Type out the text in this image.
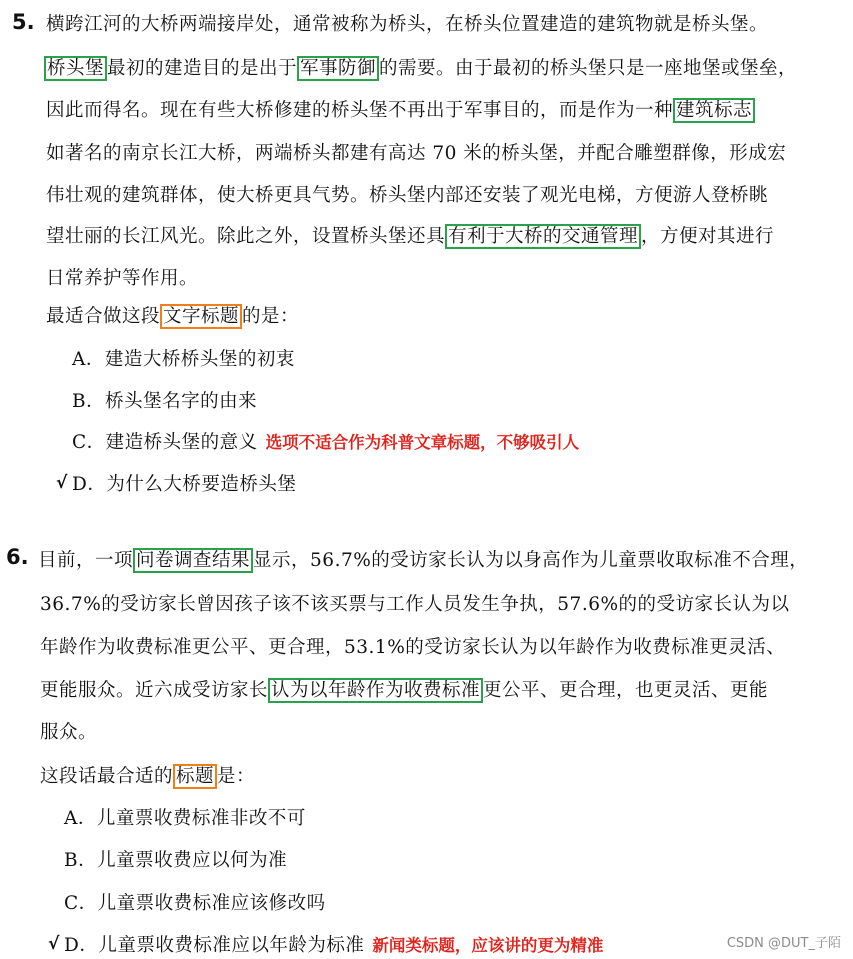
5. 横跨江河的大桥两端接岸处，通常被称为桥头，在桥头位置建造的建筑物就是桥头堡。
桥头堡 最初的建造目的是出于 军事防御 的需要。由于最初的桥头堡只是一座地堡或堡垒，
因此而得名。现在有些大桥修建的桥头堡不再出于军事目的，而是作为一种 建筑标志
如著名的南京长江大桥，两端桥头都建有高达 70 米的桥头堡，并配合雕塑群像，形成宏
伟壮观的建筑群体，使大桥更具气势。桥头堡内部还安装了观光电梯，方便游人登桥眺
望壮丽的长江风光。除此之外，设置桥头堡还具 有利于大桥的交通管理 ，方便对其进行
日常养护等作用。
最适合做这段 文字标题 的是：
A．建造大桥桥头堡的初衷
B．桥头堡名字的由来
C．建造桥头堡的意义 选项不适合作为科普文章标题，不够吸引人
√ D．为什么大桥要造桥头堡
6. 目前，一项 问卷调查结果 显示，56.7%的受访家长认为以身高作为儿童票收取标准不合理，
36.7%的受访家长曾因孩子该不该买票与工作人员发生争执，57.6%的的受访家长认为以
年龄作为收费标准更公平、更合理，53.1%的受访家长认为以年龄作为收费标准更灵活、
更能服众。近六成受访家长 认为以年龄作为收费标准 更公平、更合理，也更灵活、更能
服众。
这段话最合适的 标题 是：
A．儿童票收费标准非改不可
B．儿童票收费应以何为准
C．儿童票收费标准应该修改吗
√ D．儿童票收费标准应以年龄为标准 新闻类标题，应该讲的更为精准	CSDN @DUT_子陌
